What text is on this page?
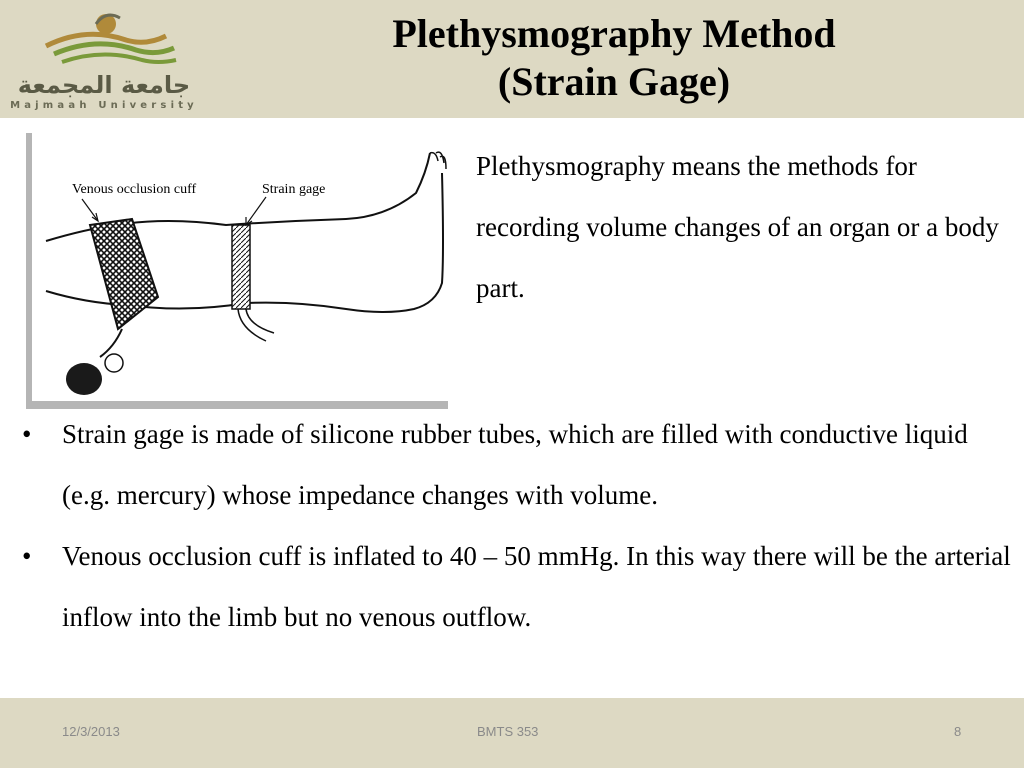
جامعة المجمعة
Majmaah University
Plethysmography Method
(Strain Gage)
Venous occlusion cuff	Strain gage
Plethysmography means the methods for recording volume changes of an organ or a body part.
•	Strain gage is made of silicone rubber tubes, which are filled with conductive liquid (e.g. mercury) whose impedance changes with volume.
•	Venous occlusion cuff is inflated to 40 – 50 mmHg. In this way there will be the arterial inflow into the limb but no venous outflow.
12/3/2013	BMTS 353	8
